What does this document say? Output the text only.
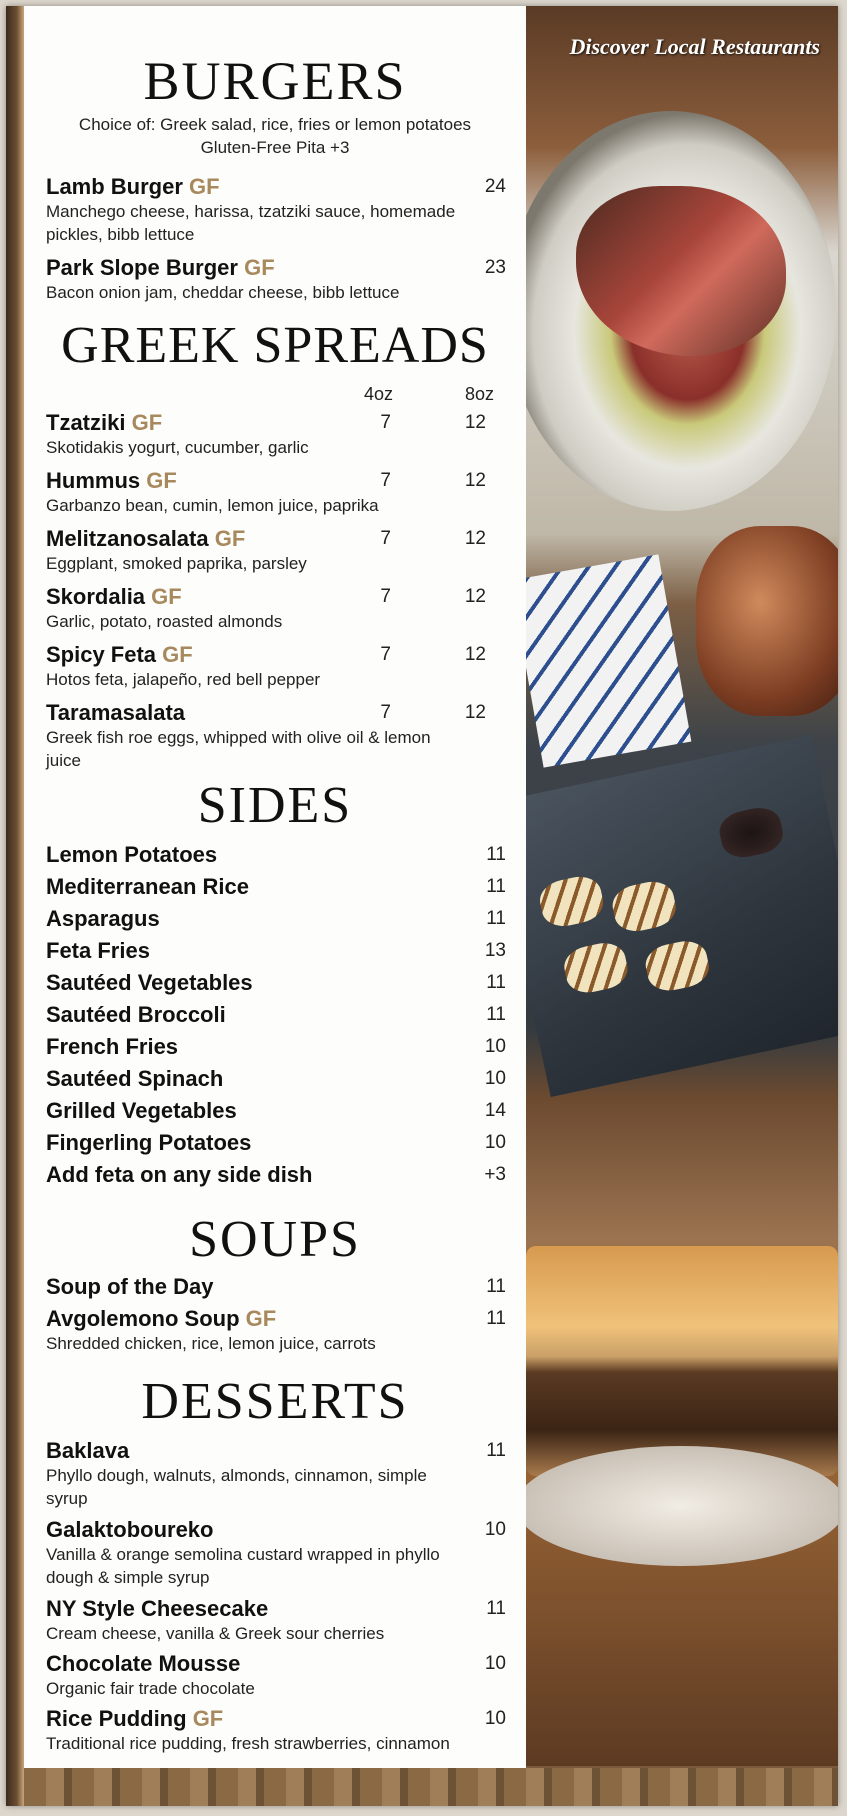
Discover Local Restaurants
BURGERS
Choice of: Greek salad, rice, fries or lemon potatoes
Gluten-Free Pita +3
Lamb Burger GF	24
Manchego cheese, harissa, tzatziki sauce, homemade
pickles, bibb lettuce
Park Slope Burger GF	23
Bacon onion jam, cheddar cheese, bibb lettuce
GREEK SPREADS
4oz	8oz
Tzatziki GF	7	12
Skotidakis yogurt, cucumber, garlic
Hummus GF	7	12
Garbanzo bean, cumin, lemon juice, paprika
Melitzanosalata GF	7	12
Eggplant, smoked paprika, parsley
Skordalia GF	7	12
Garlic, potato, roasted almonds
Spicy Feta GF	7	12
Hotos feta, jalapeño, red bell pepper
Taramasalata	7	12
Greek fish roe eggs, whipped with olive oil & lemon
juice
SIDES
Lemon Potatoes	11
Mediterranean Rice	11
Asparagus	11
Feta Fries	13
Sautéed Vegetables	11
Sautéed Broccoli	11
French Fries	10
Sautéed Spinach	10
Grilled Vegetables	14
Fingerling Potatoes	10
Add feta on any side dish	+3
SOUPS
Soup of the Day	11
Avgolemono Soup GF	11
Shredded chicken, rice, lemon juice, carrots
DESSERTS
Baklava	11
Phyllo dough, walnuts, almonds, cinnamon, simple
syrup
Galaktoboureko	10
Vanilla & orange semolina custard wrapped in phyllo
dough & simple syrup
NY Style Cheesecake	11
Cream cheese, vanilla & Greek sour cherries
Chocolate Mousse	10
Organic fair trade chocolate
Rice Pudding GF	10
Traditional rice pudding, fresh strawberries, cinnamon
